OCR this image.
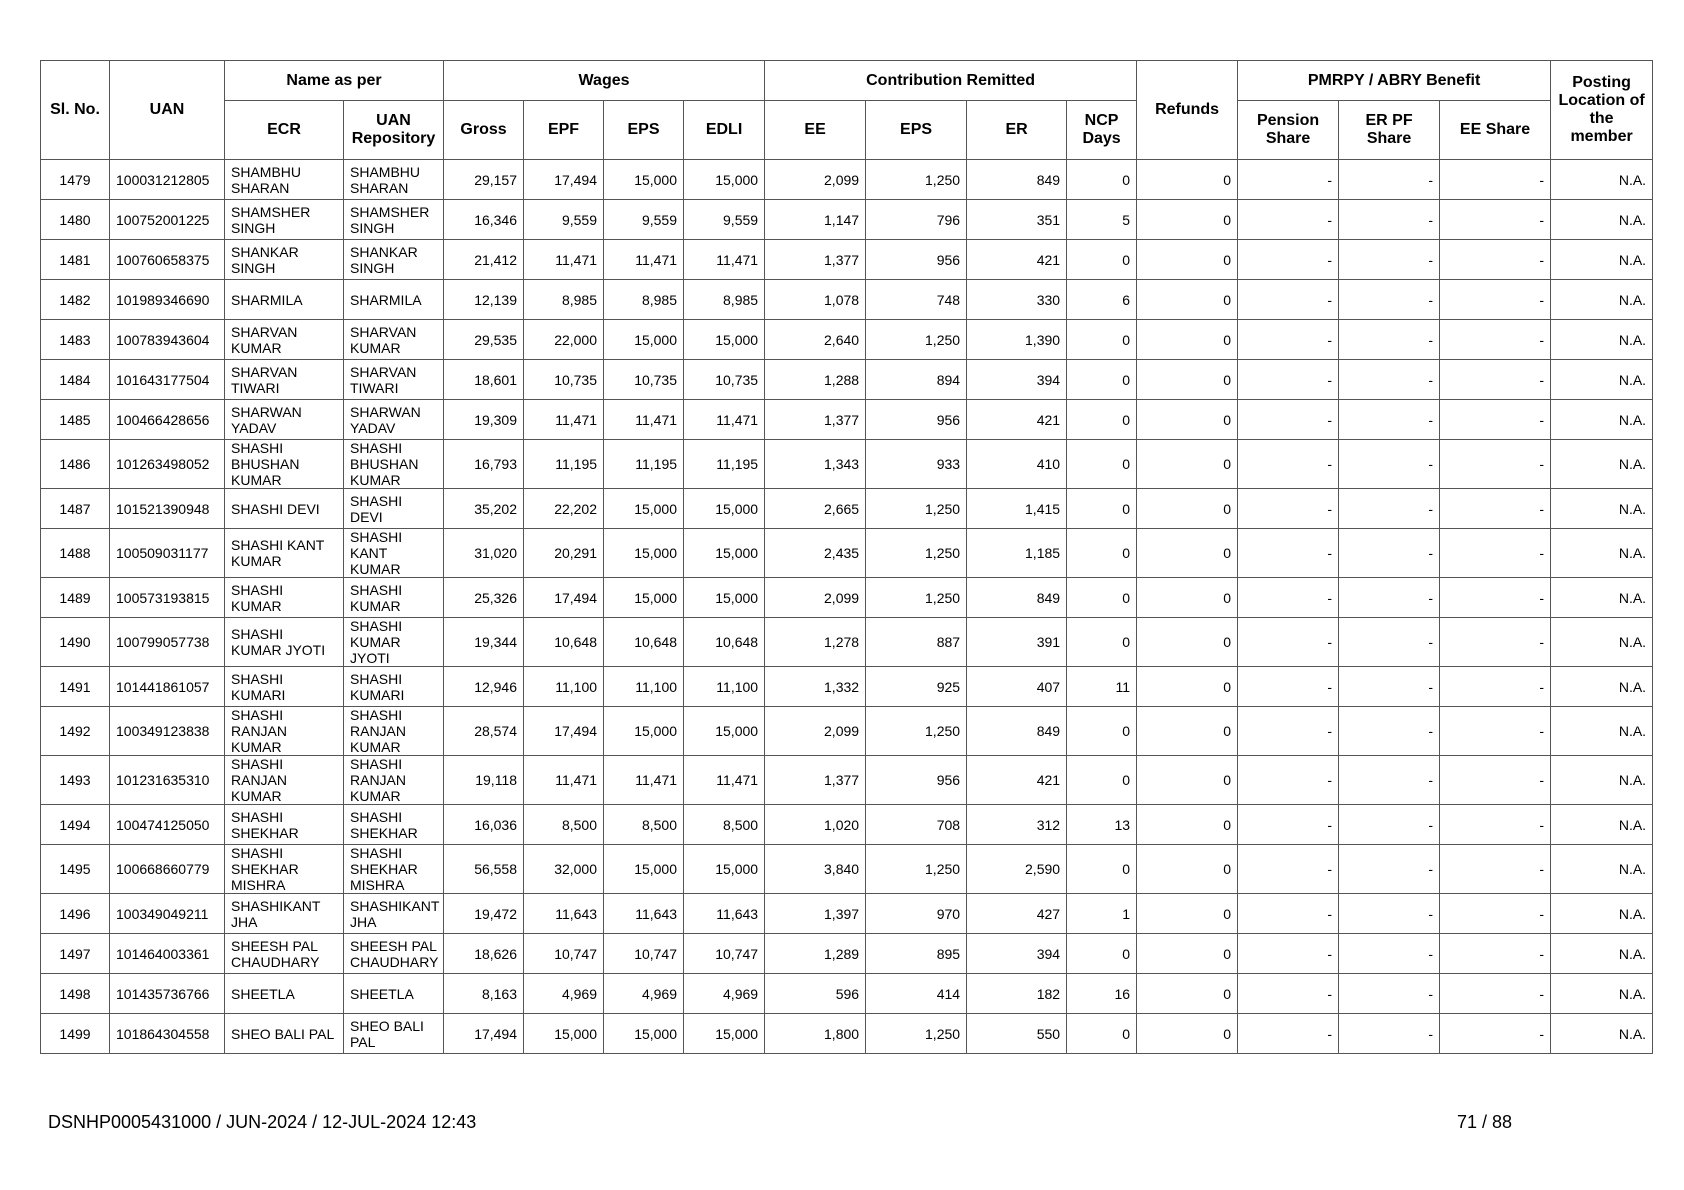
Sl. No.	UAN	Name as per		Wages				Contribution Remitted				Refunds	PMRPY / ABRY Benefit			Posting Location of the member
		ECR	UAN Repository	Gross	EPF	EPS	EDLI	EE	EPS	ER	NCP Days		Pension Share	ER PF Share	EE Share	
1479	100031212805	SHAMBHU SHARAN	SHAMBHU SHARAN	29,157	17,494	15,000	15,000	2,099	1,250	849	0	0	-	-	-	N.A.
1480	100752001225	SHAMSHER SINGH	SHAMSHER SINGH	16,346	9,559	9,559	9,559	1,147	796	351	5	0	-	-	-	N.A.
1481	100760658375	SHANKAR SINGH	SHANKAR SINGH	21,412	11,471	11,471	11,471	1,377	956	421	0	0	-	-	-	N.A.
1482	101989346690	SHARMILA	SHARMILA	12,139	8,985	8,985	8,985	1,078	748	330	6	0	-	-	-	N.A.
1483	100783943604	SHARVAN KUMAR	SHARVAN KUMAR	29,535	22,000	15,000	15,000	2,640	1,250	1,390	0	0	-	-	-	N.A.
1484	101643177504	SHARVAN TIWARI	SHARVAN TIWARI	18,601	10,735	10,735	10,735	1,288	894	394	0	0	-	-	-	N.A.
1485	100466428656	SHARWAN YADAV	SHARWAN YADAV	19,309	11,471	11,471	11,471	1,377	956	421	0	0	-	-	-	N.A.
1486	101263498052	SHASHI BHUSHAN KUMAR	SHASHI BHUSHAN KUMAR	16,793	11,195	11,195	11,195	1,343	933	410	0	0	-	-	-	N.A.
1487	101521390948	SHASHI DEVI	SHASHI DEVI	35,202	22,202	15,000	15,000	2,665	1,250	1,415	0	0	-	-	-	N.A.
1488	100509031177	SHASHI KANT KUMAR	SHASHI KANT KUMAR	31,020	20,291	15,000	15,000	2,435	1,250	1,185	0	0	-	-	-	N.A.
1489	100573193815	SHASHI KUMAR	SHASHI KUMAR	25,326	17,494	15,000	15,000	2,099	1,250	849	0	0	-	-	-	N.A.
1490	100799057738	SHASHI KUMAR JYOTI	SHASHI KUMAR JYOTI	19,344	10,648	10,648	10,648	1,278	887	391	0	0	-	-	-	N.A.
1491	101441861057	SHASHI KUMARI	SHASHI KUMARI	12,946	11,100	11,100	11,100	1,332	925	407	11	0	-	-	-	N.A.
1492	100349123838	SHASHI RANJAN KUMAR	SHASHI RANJAN KUMAR	28,574	17,494	15,000	15,000	2,099	1,250	849	0	0	-	-	-	N.A.
1493	101231635310	SHASHI RANJAN KUMAR	SHASHI RANJAN KUMAR	19,118	11,471	11,471	11,471	1,377	956	421	0	0	-	-	-	N.A.
1494	100474125050	SHASHI SHEKHAR	SHASHI SHEKHAR	16,036	8,500	8,500	8,500	1,020	708	312	13	0	-	-	-	N.A.
1495	100668660779	SHASHI SHEKHAR MISHRA	SHASHI SHEKHAR MISHRA	56,558	32,000	15,000	15,000	3,840	1,250	2,590	0	0	-	-	-	N.A.
1496	100349049211	SHASHIKANT JHA	SHASHIKANT JHA	19,472	11,643	11,643	11,643	1,397	970	427	1	0	-	-	-	N.A.
1497	101464003361	SHEESH PAL CHAUDHARY	SHEESH PAL CHAUDHARY	18,626	10,747	10,747	10,747	1,289	895	394	0	0	-	-	-	N.A.
1498	101435736766	SHEETLA	SHEETLA	8,163	4,969	4,969	4,969	596	414	182	16	0	-	-	-	N.A.
1499	101864304558	SHEO BALI PAL	SHEO BALI PAL	17,494	15,000	15,000	15,000	1,800	1,250	550	0	0	-	-	-	N.A.
DSNHP0005431000 / JUN-2024 / 12-JUL-2024 12:43	71 / 88
